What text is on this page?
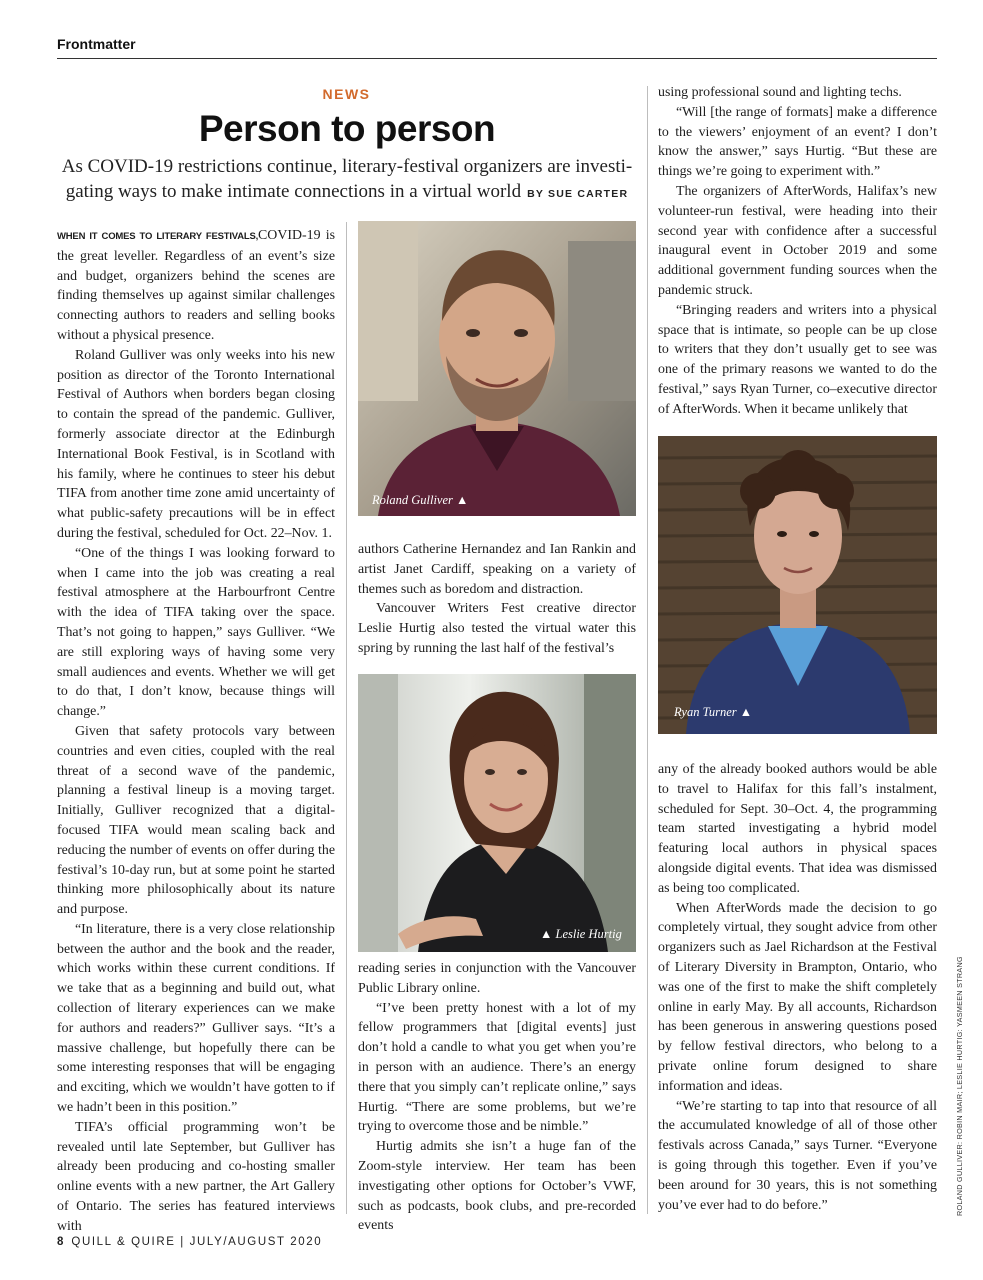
Frontmatter
NEWS
Person to person
As COVID-19 restrictions continue, literary-festival organizers are investi-gating ways to make intimate connections in a virtual world BY SUE CARTER

WHEN IT COMES TO LITERARY FESTIVALS,COVID-19 is the great leveller. Regardless of an event’s size and budget, organizers behind the scenes are finding themselves up against similar challenges connecting authors to readers and selling books without a physical presence.

Roland Gulliver was only weeks into his new position as director of the Toronto International Festival of Authors when borders began closing to contain the spread of the pandemic. Gulliver, formerly associate director at the Edinburgh International Book Festival, is in Scotland with his family, where he continues to steer his debut TIFA from another time zone amid uncertainty of what public-safety precautions will be in effect during the festival, scheduled for Oct. 22–Nov. 1.

“One of the things I was looking forward to when I came into the job was creating a real festival atmosphere at the Harbourfront Centre with the idea of TIFA taking over the space. That’s not going to happen,” says Gulliver. “We are still exploring ways of having some very small audiences and events. Whether we will get to do that, I don’t know, because things will change.”

Given that safety protocols vary between countries and even cities, coupled with the real threat of a second wave of the pandemic, planning a festival lineup is a moving target. Initially, Gulliver recognized that a digital-focused TIFA would mean scaling back and reducing the number of events on offer during the festival’s 10-day run, but at some point he started thinking more philosophically about its nature and purpose.

“In literature, there is a very close relationship between the author and the book and the reader, which works within these current conditions. If we take that as a beginning and build out, what collection of literary experiences can we make for authors and readers?” Gulliver says. “It’s a massive challenge, but hopefully there can be some interesting responses that will be engaging and exciting, which we wouldn’t have gotten to if we hadn’t been in this position.”

TIFA’s official programming won’t be revealed until late September, but Gulliver has already been producing and co-hosting smaller online events with a new partner, the Art Gallery of Ontario. The series has featured interviews with

Roland Gulliver ▲

authors Catherine Hernandez and Ian Rankin and artist Janet Cardiff, speaking on a variety of themes such as boredom and distraction.

Vancouver Writers Fest creative director Leslie Hurtig also tested the virtual water this spring by running the last half of the festival’s

▲ Leslie Hurtig

reading series in conjunction with the Vancouver Public Library online.

“I’ve been pretty honest with a lot of my fellow programmers that [digital events] just don’t hold a candle to what you get when you’re in person with an audience. There’s an energy there that you simply can’t replicate online,” says Hurtig. “There are some problems, but we’re trying to overcome those and be nimble.”

Hurtig admits she isn’t a huge fan of the Zoom-style interview. Her team has been investigating other options for October’s VWF, such as podcasts, book clubs, and pre-recorded events

using professional sound and lighting techs.

“Will [the range of formats] make a difference to the viewers’ enjoyment of an event? I don’t know the answer,” says Hurtig. “But these are things we’re going to experiment with.”

The organizers of AfterWords, Halifax’s new volunteer-run festival, were heading into their second year with confidence after a successful inaugural event in October 2019 and some additional government funding sources when the pandemic struck.

“Bringing readers and writers into a physical space that is intimate, so people can be up close to writers that they don’t usually get to see was one of the primary reasons we wanted to do the festival,” says Ryan Turner, co–executive director of AfterWords. When it became unlikely that

Ryan Turner ▲

any of the already booked authors would be able to travel to Halifax for this fall’s instalment, scheduled for Sept. 30–Oct. 4, the programming team started investigating a hybrid model featuring local authors in physical spaces alongside digital events. That idea was dismissed as being too complicated.

When AfterWords made the decision to go completely virtual, they sought advice from other organizers such as Jael Richardson at the Festival of Literary Diversity in Brampton, Ontario, who was one of the first to make the shift completely online in early May. By all accounts, Richardson has been generous in answering questions posed by fellow festival directors, who belong to a private online forum designed to share information and ideas.

“We’re starting to tap into that resource of all the accumulated knowledge of all of those other festivals across Canada,” says Turner. “Everyone is going through this together. Even if you’ve been around for 30 years, this is not something you’ve ever had to do before.”	ROLAND GULLIVER: ROBIN MAIR; LESLIE HURTIG: YASMEEN STRANG
8 QUILL & QUIRE | JULY/AUGUST 2020
